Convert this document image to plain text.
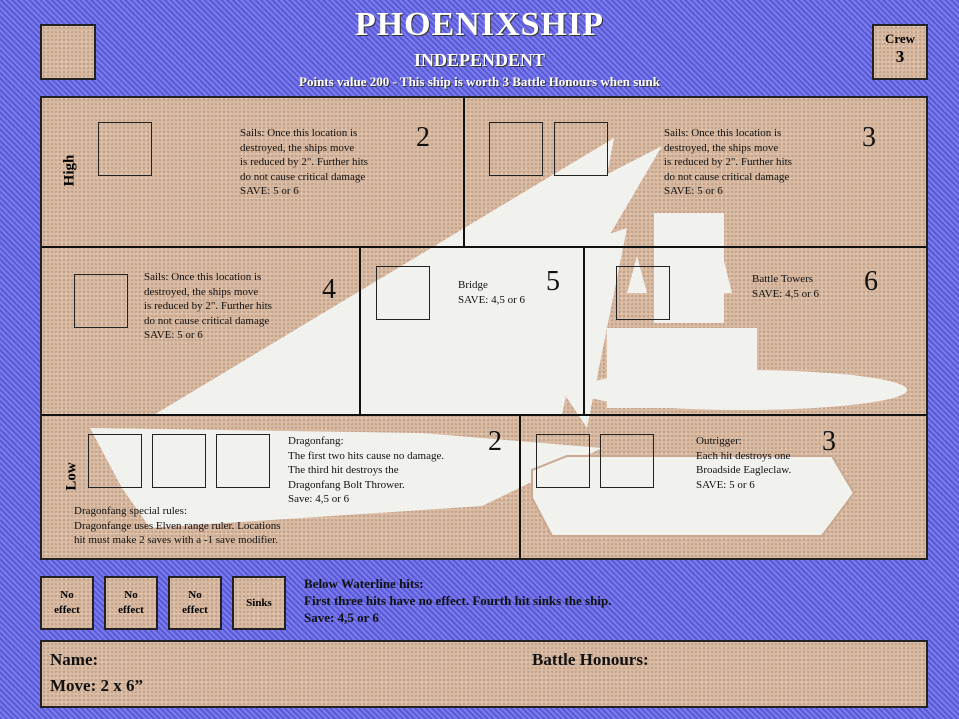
PHOENIXSHIP
INDEPENDENT
Points value 200 - This ship is worth 3 Battle Honours when sunk
Crew
3
High
Low
Sails: Once this location is
destroyed, the ships move
is reduced by 2". Further hits
do not cause critical damage
SAVE: 5 or 6
2	Sails: Once this location is
destroyed, the ships move
is reduced by 2". Further hits
do not cause critical damage
SAVE: 5 or 6
3
Sails: Once this location is
destroyed, the ships move
is reduced by 2". Further hits
do not cause critical damage
SAVE: 5 or 6
4	Bridge
SAVE: 4,5 or 6
5	Battle Towers
SAVE: 4,5 or 6 6
Dragonfang:
The first two hits cause no damage.
The third hit destroys the
Dragonfang Bolt Thrower.
Save: 4,5 or 6
2
Dragonfang special rules:
Dragonfange uses Elven range ruler. Locations
hit must make 2 saves with a -1 save modifier.
Outrigger:
Each hit destroys one
Broadside Eagleclaw.
SAVE: 5 or 6
3
No
effect
No
effect
No
effect
Sinks
Below Waterline hits:
First three hits have no effect. Fourth hit sinks the ship.
Save: 4,5 or 6
Name:	Battle Honours:
Move: 2 x 6”
